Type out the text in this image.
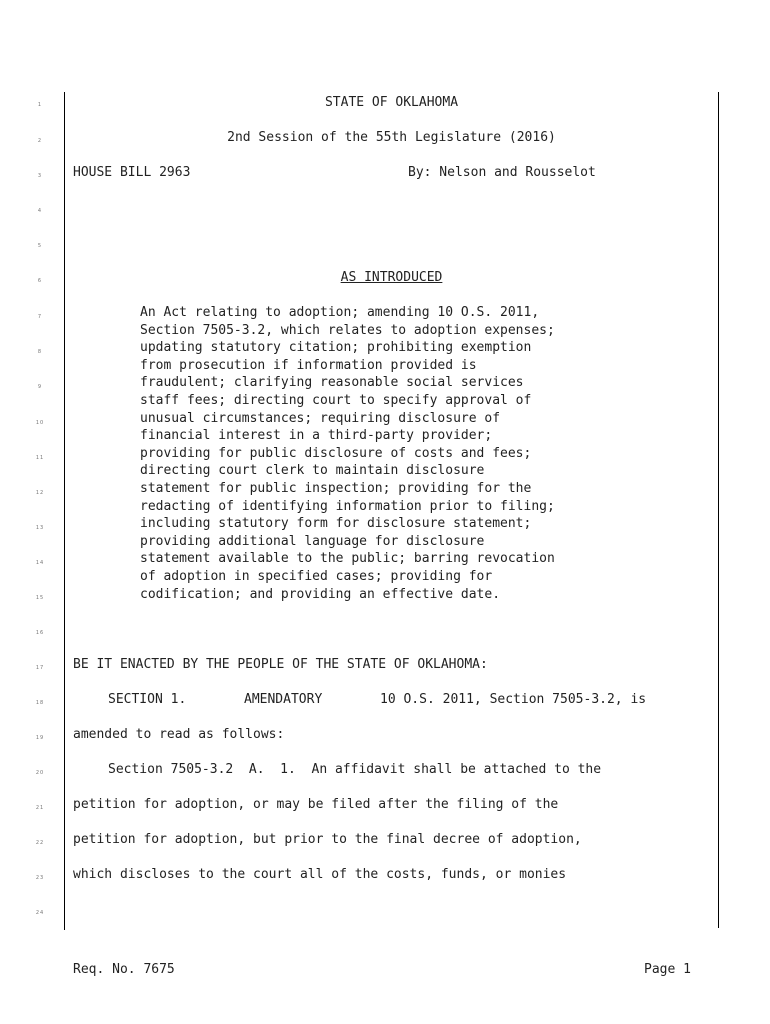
1
2
3
4
5
6
7
8
9
10
11
12
13
14
15
16
17
18
19
20
21
22
23
24
STATE OF OKLAHOMA
2nd Session of the 55th Legislature (2016)
HOUSE BILL 2963	By: Nelson and Rousselot
AS INTRODUCED
An Act relating to adoption; amending 10 O.S. 2011,
Section 7505-3.2, which relates to adoption expenses;
updating statutory citation; prohibiting exemption
from prosecution if information provided is
fraudulent; clarifying reasonable social services
staff fees; directing court to specify approval of
unusual circumstances; requiring disclosure of
financial interest in a third-party provider;
providing for public disclosure of costs and fees;
directing court clerk to maintain disclosure
statement for public inspection; providing for the
redacting of identifying information prior to filing;
including statutory form for disclosure statement;
providing additional language for disclosure
statement available to the public; barring revocation
of adoption in specified cases; providing for
codification; and providing an effective date.
BE IT ENACTED BY THE PEOPLE OF THE STATE OF OKLAHOMA:
SECTION 1.	AMENDATORY	10 O.S. 2011, Section 7505-3.2, is
amended to read as follows:
Section 7505-3.2  A.  1.  An affidavit shall be attached to the
petition for adoption, or may be filed after the filing of the
petition for adoption, but prior to the final decree of adoption,
which discloses to the court all of the costs, funds, or monies
Req. No. 7675	Page 1
